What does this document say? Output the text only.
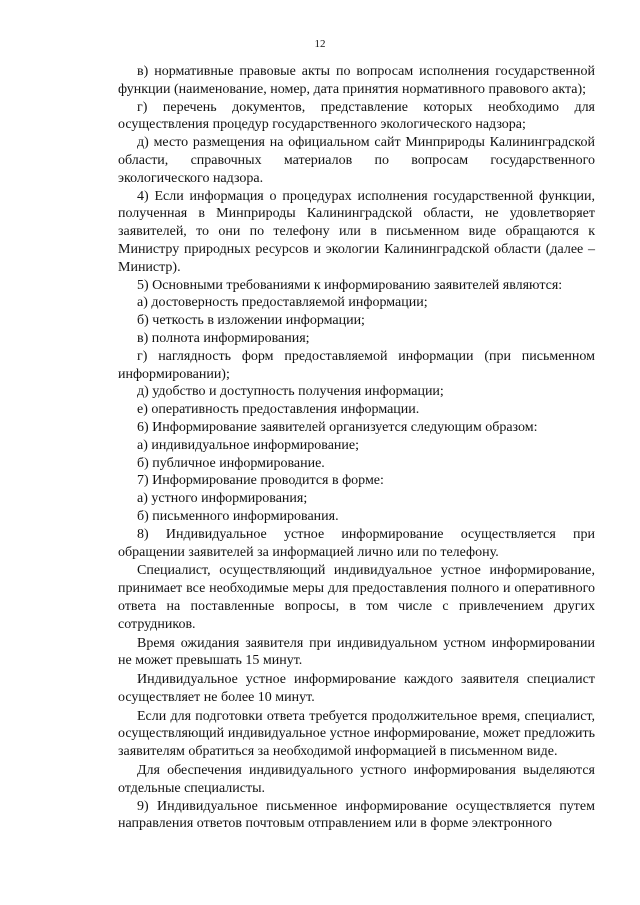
12

в) нормативные правовые акты по вопросам исполнения государственной функции (наименование, номер, дата принятия нормативного правового акта);

г) перечень документов, представление которых необходимо для осуществления процедур государственного экологического надзора;

д) место размещения на официальном сайт Минприроды Калининградской области, справочных материалов по вопросам государственного экологического надзора.

4) Если информация о процедурах исполнения государственной функции, полученная в Минприроды Калининградской области, не удовлетворяет заявителей, то они по телефону или в письменном виде обращаются к Министру природных ресурсов и экологии Калининградской области (далее – Министр).

5) Основными требованиями к информированию заявителей являются:

а) достоверность предоставляемой информации;

б) четкость в изложении информации;

в) полнота информирования;

г) наглядность форм предоставляемой информации (при письменном информировании);

д) удобство и доступность получения информации;

е) оперативность предоставления информации.

6) Информирование заявителей организуется следующим образом:

а) индивидуальное информирование;

б) публичное информирование.

7) Информирование проводится в форме:

а) устного информирования;

б) письменного информирования.

8) Индивидуальное устное информирование осуществляется при обращении заявителей за информацией лично или по телефону.

Специалист, осуществляющий индивидуальное устное информирование, принимает все необходимые меры для предоставления полного и оперативного ответа на поставленные вопросы, в том числе с привлечением других сотрудников.

Время ожидания заявителя при индивидуальном устном информировании не может превышать 15 минут.

Индивидуальное устное информирование каждого заявителя специалист осуществляет не более 10 минут.

Если для подготовки ответа требуется продолжительное время, специалист, осуществляющий индивидуальное устное информирование, может предложить заявителям обратиться за необходимой информацией в письменном виде.

Для обеспечения индивидуального устного информирования выделяются отдельные специалисты.

9) Индивидуальное письменное информирование осуществляется путем направления ответов почтовым отправлением или в форме электронного
